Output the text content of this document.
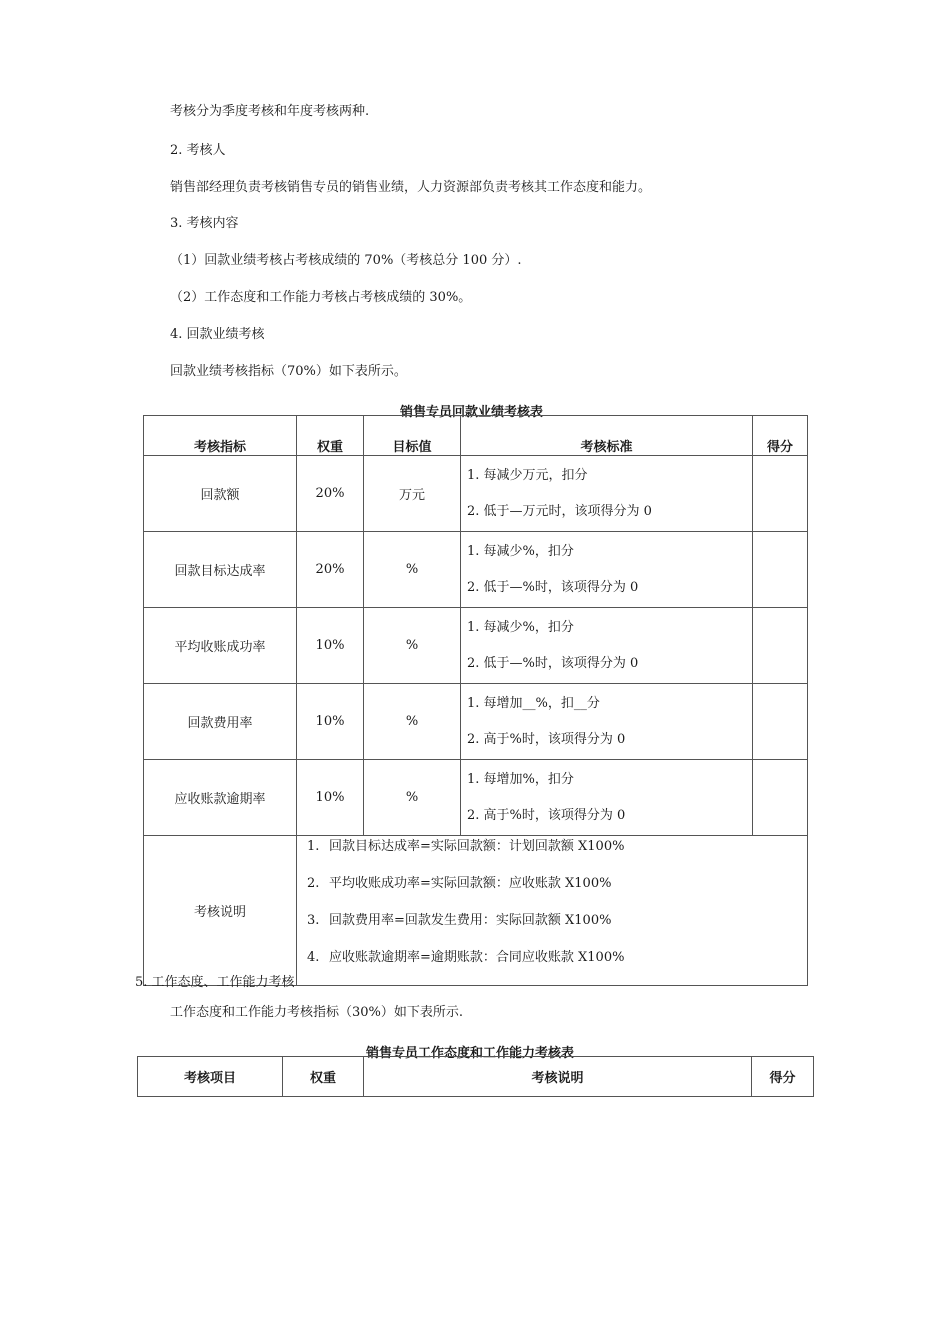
考核分为季度考核和年度考核两种.
2. 考核人
销售部经理负责考核销售专员的销售业绩，人力资源部负责考核其工作态度和能力。
3. 考核内容
（1）回款业绩考核占考核成绩的 70%（考核总分 100 分）.
（2）工作态度和工作能力考核占考核成绩的 30%。
4. 回款业绩考核
回款业绩考核指标（70%）如下表所示。
销售专员回款业绩考核表
考核指标	权重	目标值	考核标准	得分
回款额	20%	万元	1. 每减少万元，扣分
2. 低于—万元时，该项得分为 0	

回款目标达成率	20%	%	1. 每减少%，扣分
2. 低于—%时，该项得分为 0	

平均收账成功率	10%	%	1. 每减少%，扣分
2. 低于—%时，该项得分为 0	

回款费用率	10%	%	1. 每增加__%，扣__分
2. 高于%时，该项得分为 0	

应收账款逾期率	10%	%	1. 每增加%，扣分
2. 高于%时，该项得分为 0	

考核说明	1. 回款目标达成率=实际回款额：计划回款额 X100%
2. 平均收账成功率=实际回款额：应收账款 X100%
3. 回款费用率=回款发生费用：实际回款额 X100%
4. 应收账款逾期率=逾期账款：合同应收账款 X100%			
5. 工作态度、工作能力考核
工作态度和工作能力考核指标（30%）如下表所示.
销售专员工作态度和工作能力考核表
考核项目	权重	考核说明	得分
